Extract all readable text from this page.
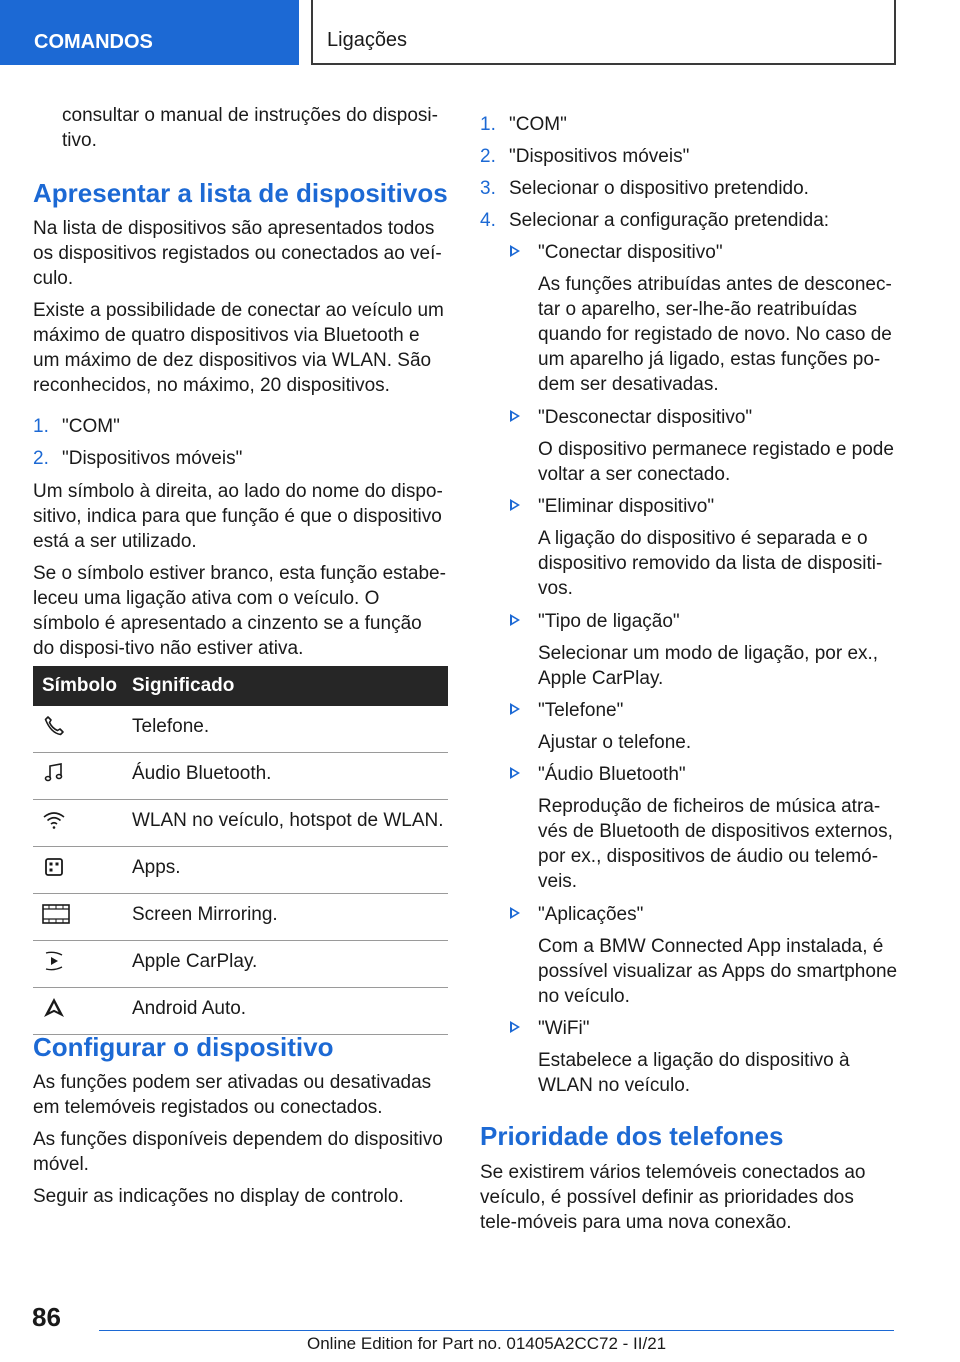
COMANDOS	Ligações

consultar o manual de instruções do disposi-

tivo.

Apresentar a lista de dispositivos

Na lista de dispositivos são apresentados todos os dispositivos registados ou conectados ao veí-culo.

Existe a possibilidade de conectar ao veículo um máximo de quatro dispositivos via Bluetooth e um máximo de dez dispositivos via WLAN. São reconhecidos, no máximo, 20 dispositivos.

1. "COM"
2. "Dispositivos móveis"

Um símbolo à direita, ao lado do nome do dispo-sitivo, indica para que função é que o dispositivo está a ser utilizado.

Se o símbolo estiver branco, esta função estabe-leceu uma ligação ativa com o veículo. O símbolo é apresentado a cinzento se a função do disposi-tivo não estiver ativa.

Símbolo	Significado

	Telefone.

	Áudio Bluetooth.

	WLAN no veículo, hotspot de WLAN.

	Apps.

	Screen Mirroring.

	Apple CarPlay.

	Android Auto.
Configurar o dispositivo

As funções podem ser ativadas ou desativadas em telemóveis registados ou conectados.

As funções disponíveis dependem do dispositivo móvel.

Seguir as indicações no display de controlo.

1. "COM"
2. "Dispositivos móveis"
3. Selecionar o dispositivo pretendido.
4. Selecionar a configuração pretendida:
"Conectar dispositivo"

As funções atribuídas antes de desconec-tar o aparelho, ser-lhe-ão reatribuídas quando for registado de novo. No caso de um aparelho já ligado, estas funções po-dem ser desativadas.

"Desconectar dispositivo"

O dispositivo permanece registado e pode voltar a ser conectado.

"Eliminar dispositivo"

A ligação do dispositivo é separada e o dispositivo removido da lista de dispositi-vos.

"Tipo de ligação"

Selecionar um modo de ligação, por ex., Apple CarPlay.

"Telefone"

Ajustar o telefone.

"Áudio Bluetooth"

Reprodução de ficheiros de música atra-vés de Bluetooth de dispositivos externos, por ex., dispositivos de áudio ou telemó-veis.

"Aplicações"

Com a BMW Connected App instalada, é possível visualizar as Apps do smartphone no veículo.

"WiFi"

Estabelece a ligação do dispositivo à WLAN no veículo.

Prioridade dos telefones

Se existirem vários telemóveis conectados ao veículo, é possível definir as prioridades dos tele-móveis para uma nova conexão.

86
Online Edition for Part no. 01405A2CC72 - II/21
